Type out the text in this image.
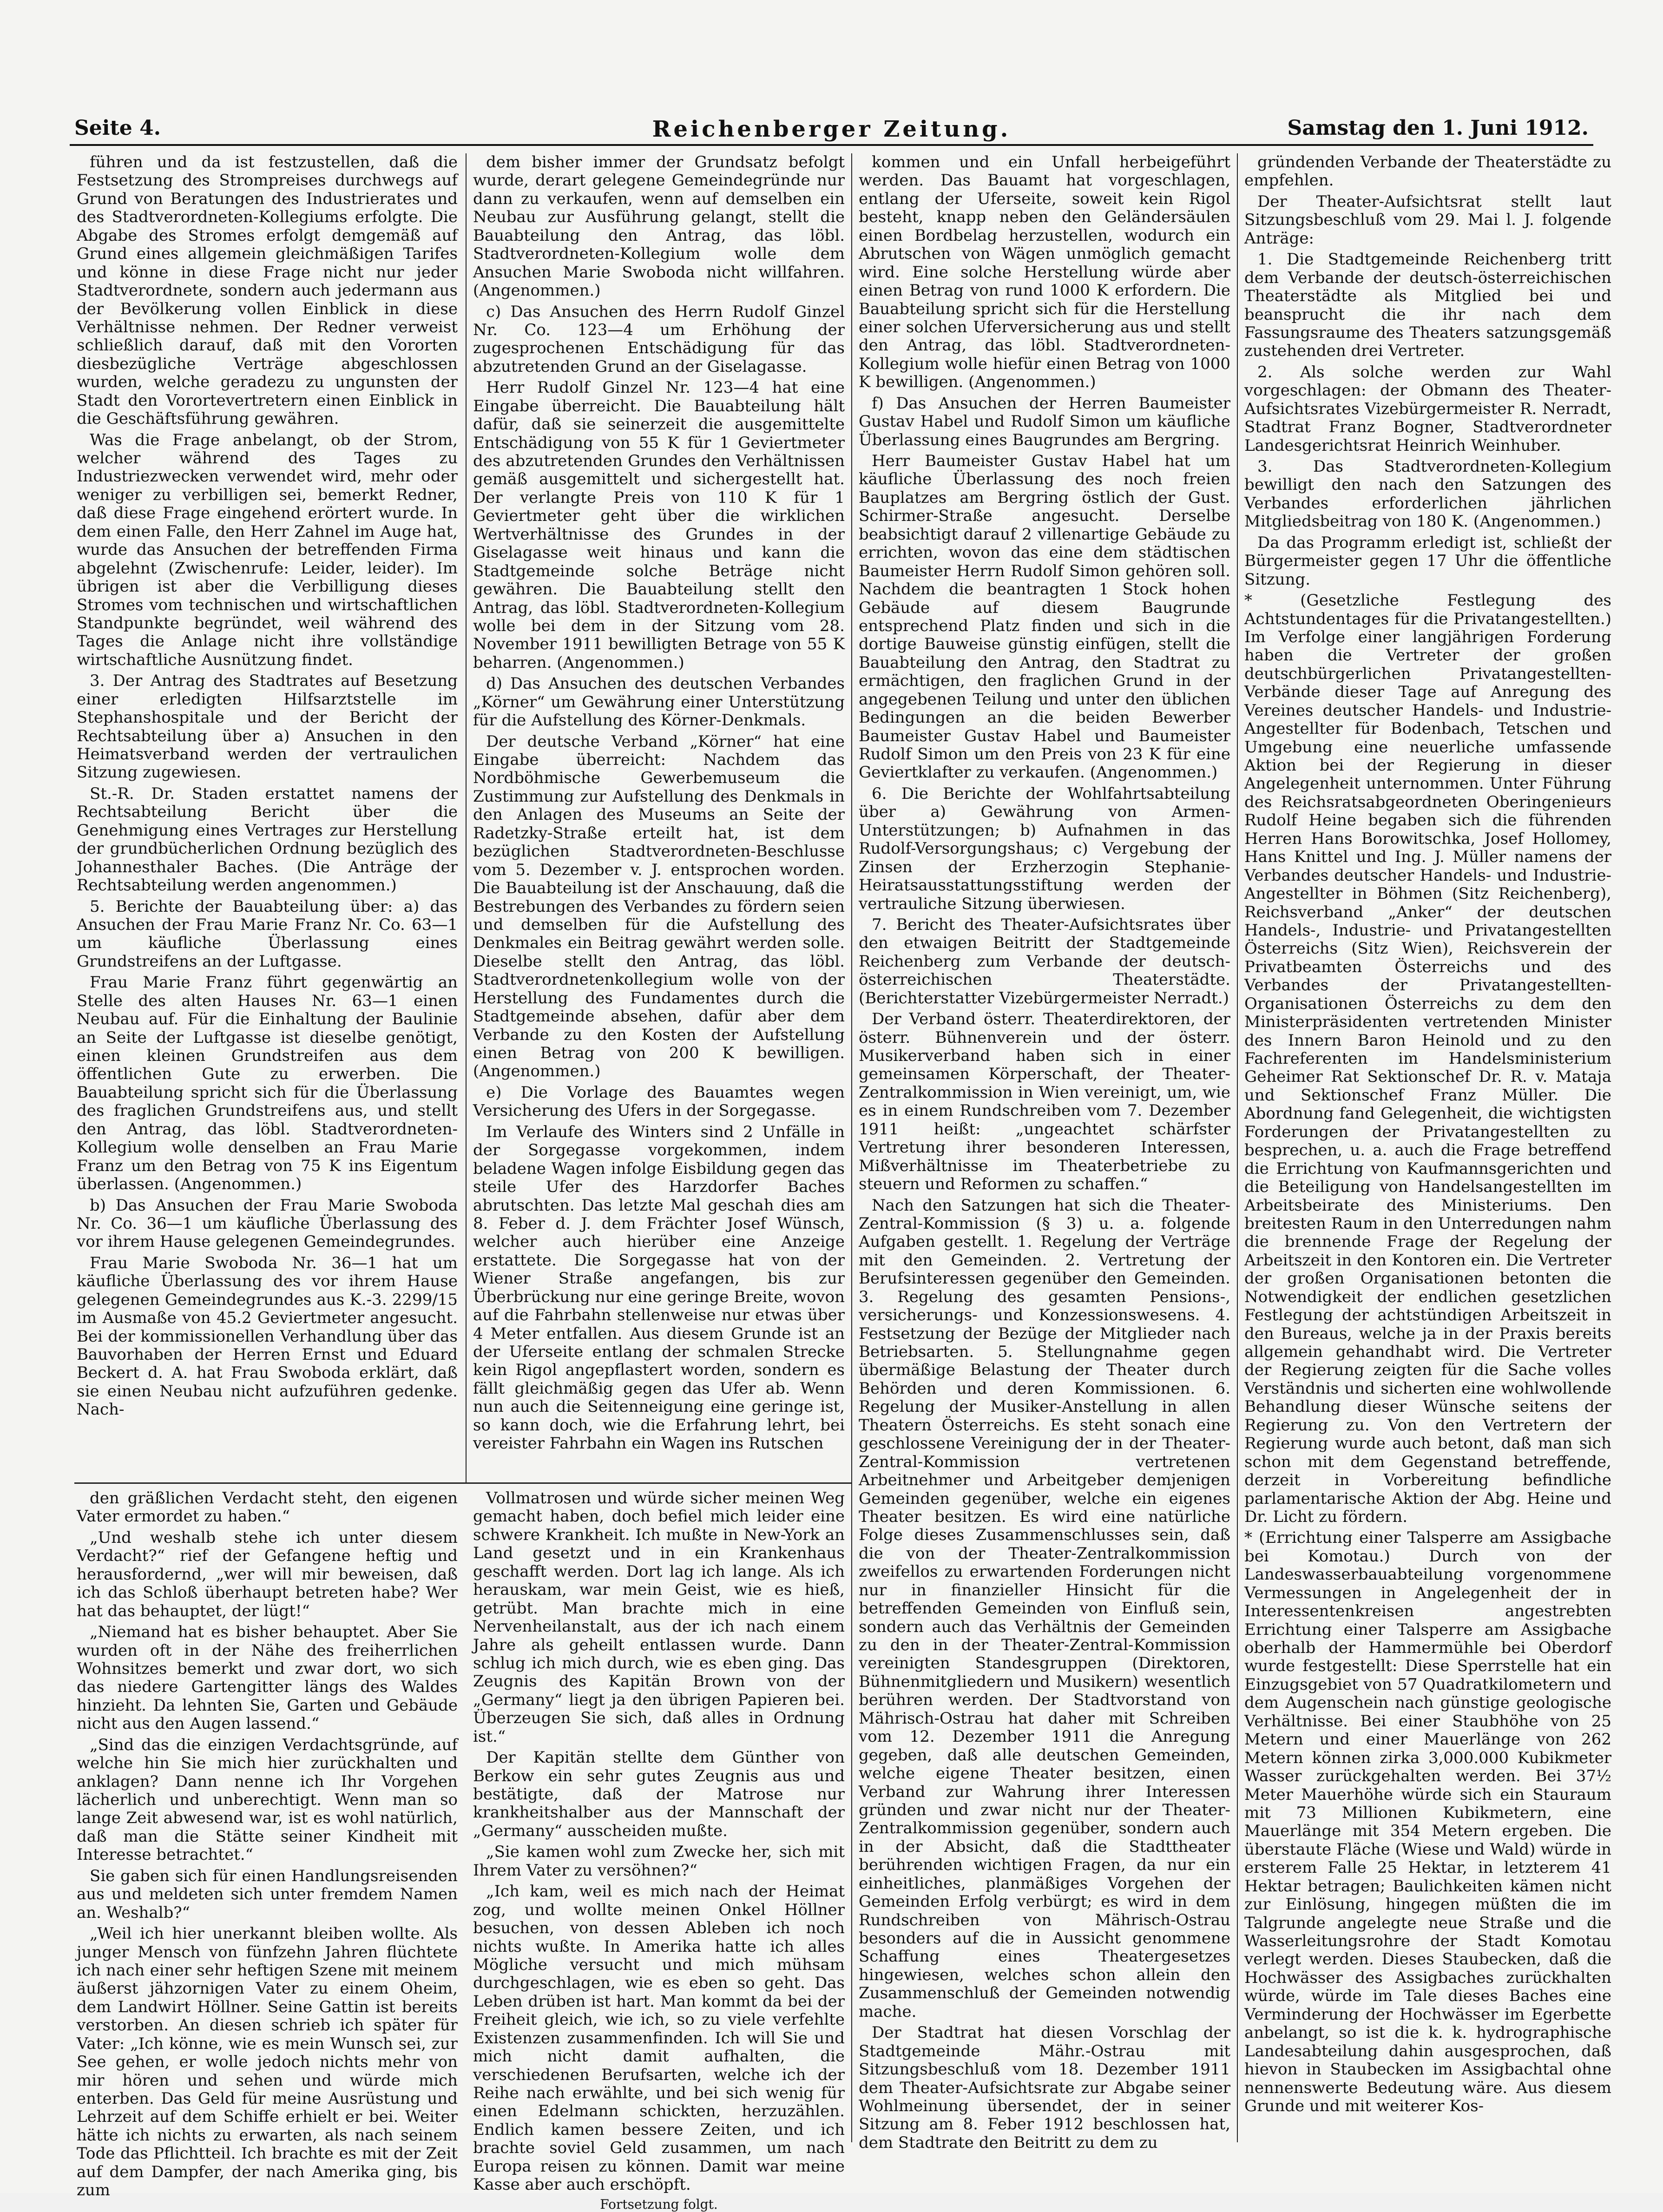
Seite 4.	Reichenberger Zeitung.	Samstag den 1. Juni 1912.

führen und da ist festzustellen, daß die Festsetzung des Strompreises durchwegs auf Grund von Beratungen des Industrierates und des Stadtverordneten-Kollegiums erfolgte. Die Abgabe des Stromes erfolgt demgemäß auf Grund eines allgemein gleichmäßigen Tarifes und könne in diese Frage nicht nur jeder Stadtverordnete, sondern auch jedermann aus der Bevölkerung vollen Einblick in diese Verhältnisse nehmen. Der Redner verweist schließlich darauf, daß mit den Vororten diesbezügliche Verträge abgeschlossen wurden, welche geradezu zu ungunsten der Stadt den Vorortevertretern einen Einblick in die Geschäftsführung gewähren.

Was die Frage anbelangt, ob der Strom, welcher während des Tages zu Industriezwecken verwendet wird, mehr oder weniger zu verbilligen sei, bemerkt Redner, daß diese Frage eingehend erörtert wurde. In dem einen Falle, den Herr Zahnel im Auge hat, wurde das Ansuchen der betreffenden Firma abgelehnt (Zwischenrufe: Leider, leider). Im übrigen ist aber die Verbilligung dieses Stromes vom technischen und wirtschaftlichen Standpunkte begründet, weil während des Tages die Anlage nicht ihre vollständige wirtschaftliche Ausnützung findet.

3. Der Antrag des Stadtrates auf Besetzung einer erledigten Hilfsarztstelle im Stephanshospitale und der Bericht der Rechtsabteilung über a) Ansuchen in den Heimatsverband werden der vertraulichen Sitzung zugewiesen.

St.-R. Dr. Staden erstattet namens der Rechtsabteilung Bericht über die Genehmigung eines Vertrages zur Herstellung der grundbücherlichen Ordnung bezüglich des Johannesthaler Baches. (Die Anträge der Rechtsabteilung werden angenommen.)

5. Berichte der Bauabteilung über: a) das Ansuchen der Frau Marie Franz Nr. Co. 63—1 um käufliche Überlassung eines Grundstreifens an der Luftgasse.

Frau Marie Franz führt gegenwärtig an Stelle des alten Hauses Nr. 63—1 einen Neubau auf. Für die Einhaltung der Baulinie an Seite der Luftgasse ist dieselbe genötigt, einen kleinen Grundstreifen aus dem öffentlichen Gute zu erwerben. Die Bauabteilung spricht sich für die Überlassung des fraglichen Grundstreifens aus, und stellt den Antrag, das löbl. Stadtverordneten-Kollegium wolle denselben an Frau Marie Franz um den Betrag von 75 K ins Eigentum überlassen. (Angenommen.)

b) Das Ansuchen der Frau Marie Swoboda Nr. Co. 36—1 um käufliche Überlassung des vor ihrem Hause gelegenen Gemeindegrundes.

Frau Marie Swoboda Nr. 36—1 hat um käufliche Überlassung des vor ihrem Hause gelegenen Gemeindegrundes aus K.-3. 2299/15 im Ausmaße von 45.2 Geviertmeter angesucht. Bei der kommissionellen Verhandlung über das Bauvorhaben der Herren Ernst und Eduard Beckert d. A. hat Frau Swoboda erklärt, daß sie einen Neubau nicht aufzuführen gedenke. Nach-

dem bisher immer der Grundsatz befolgt wurde, derart gelegene Gemeindegründe nur dann zu verkaufen, wenn auf demselben ein Neubau zur Ausführung gelangt, stellt die Bauabteilung den Antrag, das löbl. Stadtverordneten-Kollegium wolle dem Ansuchen Marie Swoboda nicht willfahren. (Angenommen.)

c) Das Ansuchen des Herrn Rudolf Ginzel Nr. Co. 123—4 um Erhöhung der zugesprochenen Entschädigung für das abzutretenden Grund an der Giselagasse.

Herr Rudolf Ginzel Nr. 123—4 hat eine Eingabe überreicht. Die Bauabteilung hält dafür, daß sie seinerzeit die ausgemittelte Entschädigung von 55 K für 1 Geviertmeter des abzutretenden Grundes den Verhältnissen gemäß ausgemittelt und sichergestellt hat. Der verlangte Preis von 110 K für 1 Geviertmeter geht über die wirklichen Wertverhältnisse des Grundes in der Giselagasse weit hinaus und kann die Stadtgemeinde solche Beträge nicht gewähren. Die Bauabteilung stellt den Antrag, das löbl. Stadtverordneten-Kollegium wolle bei dem in der Sitzung vom 28. November 1911 bewilligten Betrage von 55 K beharren. (Angenommen.)

d) Das Ansuchen des deutschen Verbandes „Körner“ um Gewährung einer Unterstützung für die Aufstellung des Körner-Denkmals.

Der deutsche Verband „Körner“ hat eine Eingabe überreicht: Nachdem das Nordböhmische Gewerbemuseum die Zustimmung zur Aufstellung des Denkmals in den Anlagen des Museums an Seite der Radetzky-Straße erteilt hat, ist dem bezüglichen Stadtverordneten-Beschlusse vom 5. Dezember v. J. entsprochen worden. Die Bauabteilung ist der Anschauung, daß die Bestrebungen des Verbandes zu fördern seien und demselben für die Aufstellung des Denkmales ein Beitrag gewährt werden solle. Dieselbe stellt den Antrag, das löbl. Stadtverordnetenkollegium wolle von der Herstellung des Fundamentes durch die Stadtgemeinde absehen, dafür aber dem Verbande zu den Kosten der Aufstellung einen Betrag von 200 K bewilligen. (Angenommen.)

e) Die Vorlage des Bauamtes wegen Versicherung des Ufers in der Sorgegasse.

Im Verlaufe des Winters sind 2 Unfälle in der Sorgegasse vorgekommen, indem beladene Wagen infolge Eisbildung gegen das steile Ufer des Harzdorfer Baches abrutschten. Das letzte Mal geschah dies am 8. Feber d. J. dem Frächter Josef Wünsch, welcher auch hierüber eine Anzeige erstattete. Die Sorgegasse hat von der Wiener Straße angefangen, bis zur Überbrückung nur eine geringe Breite, wovon auf die Fahrbahn stellenweise nur etwas über 4 Meter entfallen. Aus diesem Grunde ist an der Uferseite entlang der schmalen Strecke kein Rigol angepflastert worden, sondern es fällt gleichmäßig gegen das Ufer ab. Wenn nun auch die Seitenneigung eine geringe ist, so kann doch, wie die Erfahrung lehrt, bei vereister Fahrbahn ein Wagen ins Rutschen

kommen und ein Unfall herbeigeführt werden. Das Bauamt hat vorgeschlagen, entlang der Uferseite, soweit kein Rigol besteht, knapp neben den Geländersäulen einen Bordbelag herzustellen, wodurch ein Abrutschen von Wägen unmöglich gemacht wird. Eine solche Herstellung würde aber einen Betrag von rund 1000 K erfordern. Die Bauabteilung spricht sich für die Herstellung einer solchen Uferversicherung aus und stellt den Antrag, das löbl. Stadtverordneten-Kollegium wolle hiefür einen Betrag von 1000 K bewilligen. (Angenommen.)

f) Das Ansuchen der Herren Baumeister Gustav Habel und Rudolf Simon um käufliche Überlassung eines Baugrundes am Bergring.

Herr Baumeister Gustav Habel hat um käufliche Überlassung des noch freien Bauplatzes am Bergring östlich der Gust. Schirmer-Straße angesucht. Derselbe beabsichtigt darauf 2 villenartige Gebäude zu errichten, wovon das eine dem städtischen Baumeister Herrn Rudolf Simon gehören soll. Nachdem die beantragten 1 Stock hohen Gebäude auf diesem Baugrunde entsprechend Platz finden und sich in die dortige Bauweise günstig einfügen, stellt die Bauabteilung den Antrag, den Stadtrat zu ermächtigen, den fraglichen Grund in der angegebenen Teilung und unter den üblichen Bedingungen an die beiden Bewerber Baumeister Gustav Habel und Baumeister Rudolf Simon um den Preis von 23 K für eine Geviertklafter zu verkaufen. (Angenommen.)

6. Die Berichte der Wohlfahrtsabteilung über a) Gewährung von Armen-Unterstützungen; b) Aufnahmen in das Rudolf-Versorgungshaus; c) Vergebung der Zinsen der Erzherzogin Stephanie-Heiratsausstattungsstiftung werden der vertrauliche Sitzung überwiesen.

7. Bericht des Theater-Aufsichtsrates über den etwaigen Beitritt der Stadtgemeinde Reichenberg zum Verbande der deutsch-österreichischen Theaterstädte. (Berichterstatter Vizebürgermeister Nerradt.)

Der Verband österr. Theaterdirektoren, der österr. Bühnenverein und der österr. Musikerverband haben sich in einer gemeinsamen Körperschaft, der Theater-Zentralkommission in Wien vereinigt, um, wie es in einem Rundschreiben vom 7. Dezember 1911 heißt: „ungeachtet schärfster Vertretung ihrer besonderen Interessen, Mißverhältnisse im Theaterbetriebe zu steuern und Reformen zu schaffen.“

Nach den Satzungen hat sich die Theater-Zentral-Kommission (§ 3) u. a. folgende Aufgaben gestellt. 1. Regelung der Verträge mit den Gemeinden. 2. Vertretung der Berufsinteressen gegenüber den Gemeinden. 3. Regelung des gesamten Pensions-, versicherungs- und Konzessionswesens. 4. Festsetzung der Bezüge der Mitglieder nach Betriebsarten. 5. Stellungnahme gegen übermäßige Belastung der Theater durch Behörden und deren Kommissionen. 6. Regelung der Musiker-Anstellung in allen Theatern Österreichs. Es steht sonach eine geschlossene Vereinigung der in der Theater-Zentral-Kommission vertretenen Arbeitnehmer und Arbeitgeber demjenigen Gemeinden gegenüber, welche ein eigenes Theater besitzen. Es wird eine natürliche Folge dieses Zusammenschlusses sein, daß die von der Theater-Zentralkommission zweifellos zu erwartenden Forderungen nicht nur in finanzieller Hinsicht für die betreffenden Gemeinden von Einfluß sein, sondern auch das Verhältnis der Gemeinden zu den in der Theater-Zentral-Kommission vereinigten Standesgruppen (Direktoren, Bühnenmitgliedern und Musikern) wesentlich berühren werden. Der Stadtvorstand von Mährisch-Ostrau hat daher mit Schreiben vom 12. Dezember 1911 die Anregung gegeben, daß alle deutschen Gemeinden, welche eigene Theater besitzen, einen Verband zur Wahrung ihrer Interessen gründen und zwar nicht nur der Theater-Zentralkommission gegenüber, sondern auch in der Absicht, daß die Stadttheater berührenden wichtigen Fragen, da nur ein einheitliches, planmäßiges Vorgehen der Gemeinden Erfolg verbürgt; es wird in dem Rundschreiben von Mährisch-Ostrau besonders auf die in Aussicht genommene Schaffung eines Theatergesetzes hingewiesen, welches schon allein den Zusammenschluß der Gemeinden notwendig mache.

Der Stadtrat hat diesen Vorschlag der Stadtgemeinde Mähr.-Ostrau mit Sitzungsbeschluß vom 18. Dezember 1911 dem Theater-Aufsichtsrate zur Abgabe seiner Wohlmeinung übersendet, der in seiner Sitzung am 8. Feber 1912 beschlossen hat, dem Stadtrate den Beitritt zu dem zu

gründenden Verbande der Theaterstädte zu empfehlen.

Der Theater-Aufsichtsrat stellt laut Sitzungsbeschluß vom 29. Mai l. J. folgende Anträge:

1. Die Stadtgemeinde Reichenberg tritt dem Verbande der deutsch-österreichischen Theaterstädte als Mitglied bei und beansprucht die ihr nach dem Fassungsraume des Theaters satzungsgemäß zustehenden drei Vertreter.

2. Als solche werden zur Wahl vorgeschlagen: der Obmann des Theater-Aufsichtsrates Vizebürgermeister R. Nerradt, Stadtrat Franz Bogner, Stadtverordneter Landesgerichtsrat Heinrich Weinhuber.

3. Das Stadtverordneten-Kollegium bewilligt den nach den Satzungen des Verbandes erforderlichen jährlichen Mitgliedsbeitrag von 180 K. (Angenommen.)

Da das Programm erledigt ist, schließt der Bürgermeister gegen 17 Uhr die öffentliche Sitzung.

* (Gesetzliche Festlegung des Achtstundentages für die Privatangestellten.) Im Verfolge einer langjährigen Forderung haben die Vertreter der großen deutschbürgerlichen Privatangestellten-Verbände dieser Tage auf Anregung des Vereines deutscher Handels- und Industrie-Angestellter für Bodenbach, Tetschen und Umgebung eine neuerliche umfassende Aktion bei der Regierung in dieser Angelegenheit unternommen. Unter Führung des Reichsratsabgeordneten Oberingenieurs Rudolf Heine begaben sich die führenden Herren Hans Borowitschka, Josef Hollomey, Hans Knittel und Ing. J. Müller namens der Verbandes deutscher Handels- und Industrie-Angestellter in Böhmen (Sitz Reichenberg), Reichsverband „Anker“ der deutschen Handels-, Industrie- und Privatangestellten Österreichs (Sitz Wien), Reichsverein der Privatbeamten Österreichs und des Verbandes der Privatangestellten-Organisationen Österreichs zu dem den Ministerpräsidenten vertretenden Minister des Innern Baron Heinold und zu den Fachreferenten im Handelsministerium Geheimer Rat Sektionschef Dr. R. v. Mataja und Sektionschef Franz Müller. Die Abordnung fand Gelegenheit, die wichtigsten Forderungen der Privatangestellten zu besprechen, u. a. auch die Frage betreffend die Errichtung von Kaufmannsgerichten und die Beteiligung von Handelsangestellten im Arbeitsbeirate des Ministeriums. Den breitesten Raum in den Unterredungen nahm die brennende Frage der Regelung der Arbeitszeit in den Kontoren ein. Die Vertreter der großen Organisationen betonten die Notwendigkeit der endlichen gesetzlichen Festlegung der achtstündigen Arbeitszeit in den Bureaus, welche ja in der Praxis bereits allgemein gehandhabt wird. Die Vertreter der Regierung zeigten für die Sache volles Verständnis und sicherten eine wohlwollende Behandlung dieser Wünsche seitens der Regierung zu. Von den Vertretern der Regierung wurde auch betont, daß man sich schon mit dem Gegenstand betreffende, derzeit in Vorbereitung befindliche parlamentarische Aktion der Abg. Heine und Dr. Licht zu fördern.

* (Errichtung einer Talsperre am Assigbache bei Komotau.) Durch von der Landeswasserbauabteilung vorgenommene Vermessungen in Angelegenheit der in Interessentenkreisen angestrebten Errichtung einer Talsperre am Assigbache oberhalb der Hammermühle bei Oberdorf wurde festgestellt: Diese Sperrstelle hat ein Einzugsgebiet von 57 Quadratkilometern und dem Augenschein nach günstige geologische Verhältnisse. Bei einer Staubhöhe von 25 Metern und einer Mauerlänge von 262 Metern können zirka 3,000.000 Kubikmeter Wasser zurückgehalten werden. Bei 37½ Meter Mauerhöhe würde sich ein Stauraum mit 73 Millionen Kubikmetern, eine Mauerlänge mit 354 Metern ergeben. Die überstaute Fläche (Wiese und Wald) würde in ersterem Falle 25 Hektar, in letzterem 41 Hektar betragen; Baulichkeiten kämen nicht zur Einlösung, hingegen müßten die im Talgrunde angelegte neue Straße und die Wasserleitungsrohre der Stadt Komotau verlegt werden. Dieses Staubecken, daß die Hochwässer des Assigbaches zurückhalten würde, würde im Tale dieses Baches eine Verminderung der Hochwässer im Egerbette anbelangt, so ist die k. k. hydrographische Landesabteilung dahin ausgesprochen, daß hievon in Staubecken im Assigbachtal ohne nennenswerte Bedeutung wäre. Aus diesem Grunde und mit weiterer Kos-

den gräßlichen Verdacht steht, den eigenen Vater ermordet zu haben.“

„Und weshalb stehe ich unter diesem Verdacht?“ rief der Gefangene heftig und herausfordernd, „wer will mir beweisen, daß ich das Schloß überhaupt betreten habe? Wer hat das behauptet, der lügt!“

„Niemand hat es bisher behauptet. Aber Sie wurden oft in der Nähe des freiherrlichen Wohnsitzes bemerkt und zwar dort, wo sich das niedere Gartengitter längs des Waldes hinzieht. Da lehnten Sie, Garten und Gebäude nicht aus den Augen lassend.“

„Sind das die einzigen Verdachtsgründe, auf welche hin Sie mich hier zurückhalten und anklagen? Dann nenne ich Ihr Vorgehen lächerlich und unberechtigt. Wenn man so lange Zeit abwesend war, ist es wohl natürlich, daß man die Stätte seiner Kindheit mit Interesse betrachtet.“

Sie gaben sich für einen Handlungsreisenden aus und meldeten sich unter fremdem Namen an. Weshalb?“

„Weil ich hier unerkannt bleiben wollte. Als junger Mensch von fünfzehn Jahren flüchtete ich nach einer sehr heftigen Szene mit meinem äußerst jähzornigen Vater zu einem Oheim, dem Landwirt Höllner. Seine Gattin ist bereits verstorben. An diesen schrieb ich später für Vater: „Ich könne, wie es mein Wunsch sei, zur See gehen, er wolle jedoch nichts mehr von mir hören und sehen und würde mich enterben. Das Geld für meine Ausrüstung und Lehrzeit auf dem Schiffe erhielt er bei. Weiter hätte ich nichts zu erwarten, als nach seinem Tode das Pflichtteil. Ich brachte es mit der Zeit auf dem Dampfer, der nach Amerika ging, bis zum

Vollmatrosen und würde sicher meinen Weg gemacht haben, doch befiel mich leider eine schwere Krankheit. Ich mußte in New-York an Land gesetzt und in ein Krankenhaus geschafft werden. Dort lag ich lange. Als ich herauskam, war mein Geist, wie es hieß, getrübt. Man brachte mich in eine Nervenheilanstalt, aus der ich nach einem Jahre als geheilt entlassen wurde. Dann schlug ich mich durch, wie es eben ging. Das Zeugnis des Kapitän Brown von der „Germany“ liegt ja den übrigen Papieren bei. Überzeugen Sie sich, daß alles in Ordnung ist.“

Der Kapitän stellte dem Günther von Berkow ein sehr gutes Zeugnis aus und bestätigte, daß der Matrose nur krankheitshalber aus der Mannschaft der „Germany“ ausscheiden mußte.

„Sie kamen wohl zum Zwecke her, sich mit Ihrem Vater zu versöhnen?“

„Ich kam, weil es mich nach der Heimat zog, und wollte meinen Onkel Höllner besuchen, von dessen Ableben ich noch nichts wußte. In Amerika hatte ich alles Mögliche versucht und mich mühsam durchgeschlagen, wie es eben so geht. Das Leben drüben ist hart. Man kommt da bei der Freiheit gleich, wie ich, so zu viele verfehlte Existenzen zusammenfinden. Ich will Sie und mich nicht damit aufhalten, die verschiedenen Berufsarten, welche ich der Reihe nach erwählte, und bei sich wenig für einen Edelmann schickten, herzuzählen. Endlich kamen bessere Zeiten, und ich brachte soviel Geld zusammen, um nach Europa reisen zu können. Damit war meine Kasse aber auch erschöpft.

Fortsetzung folgt.
